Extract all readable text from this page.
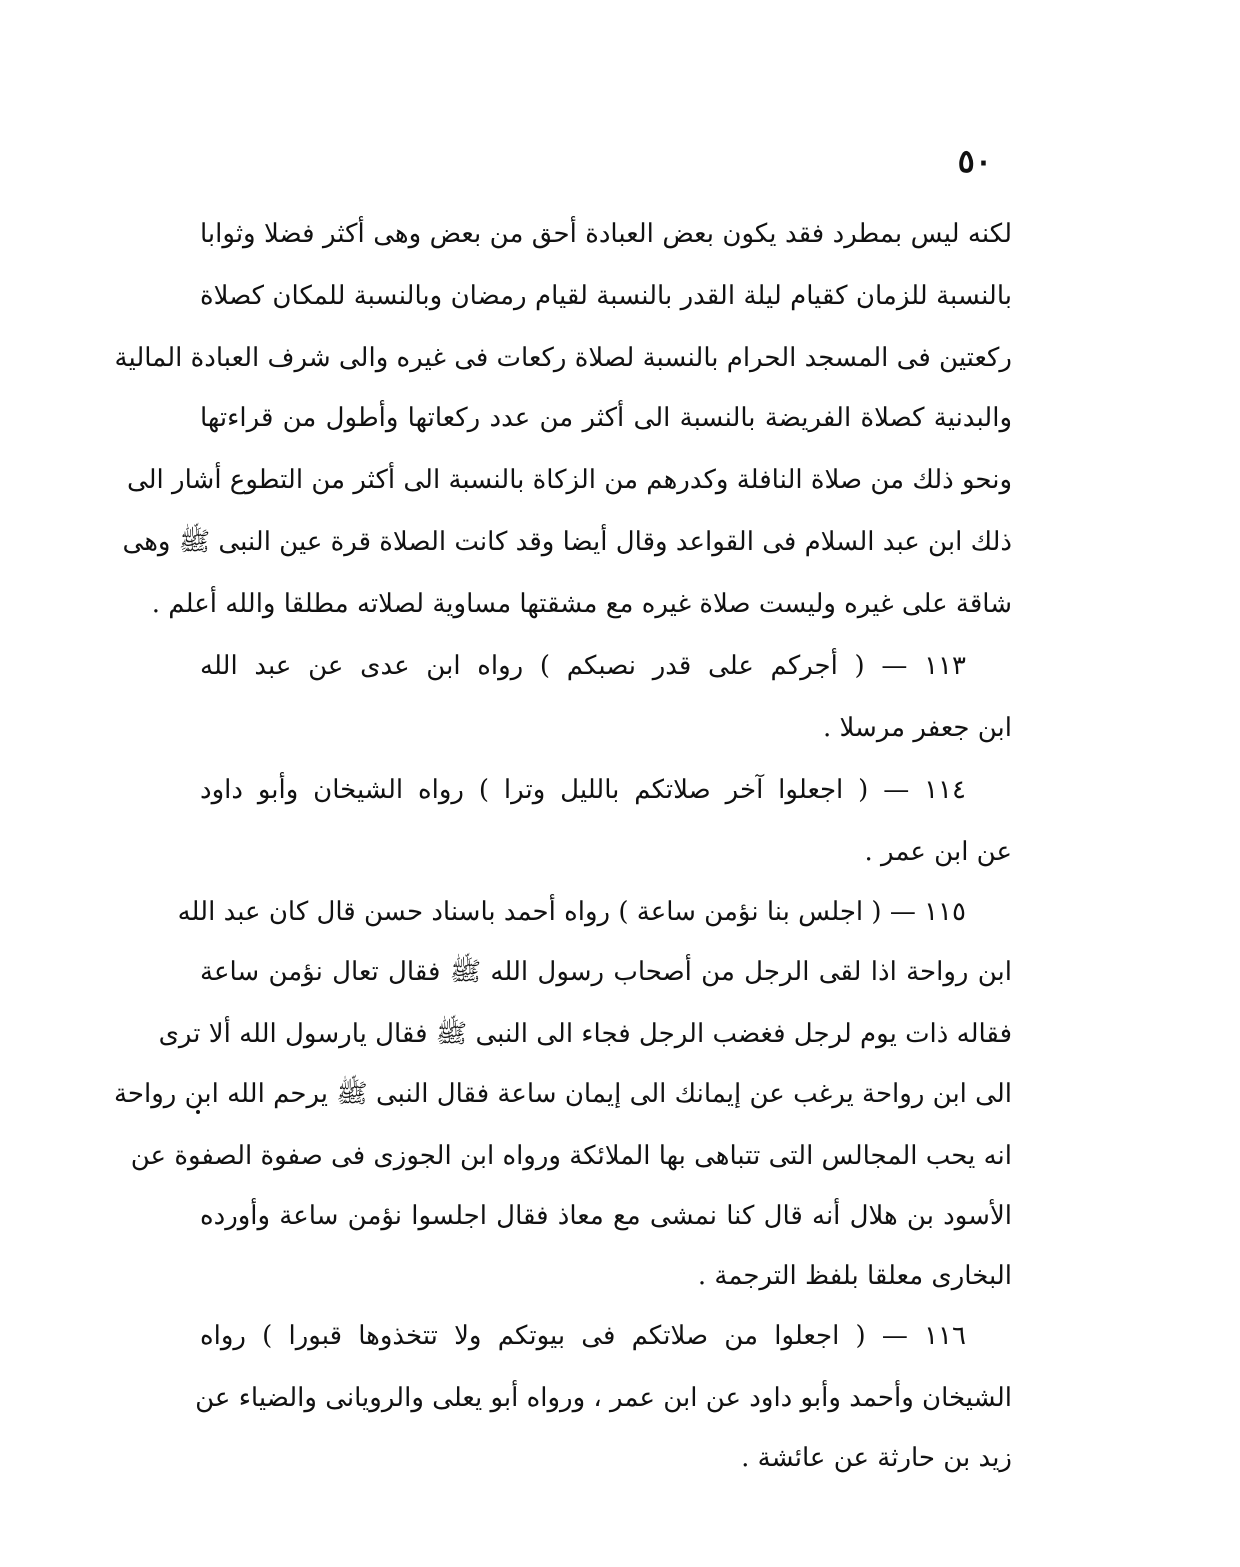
٥٠
لكنه ليس بمطرد فقد يكون بعض العبادة أحق من بعض وهى أكثر فضلا وثوابا
بالنسبة للزمان كقيام ليلة القدر بالنسبة لقيام رمضان وبالنسبة للمكان كصلاة
ركعتين فى المسجد الحرام بالنسبة لصلاة ركعات فى غيره والى شرف العبادة المالية
والبدنية كصلاة الفريضة بالنسبة الى أكثر من عدد ركعاتها وأطول من قراءتها
ونحو ذلك من صلاة النافلة وكدرهم من الزكاة بالنسبة الى أكثر من التطوع أشار الى
ذلك ابن عبد السلام فى القواعد وقال أيضا وقد كانت الصلاة قرة عين النبى ﷺ وهى
شاقة على غيره وليست صلاة غيره مع مشقتها مساوية لصلاته مطلقا والله أعلم .
١١٣ — ( أجركم على قدر نصبكم ) رواه ابن عدى عن عبد الله
ابن جعفر مرسلا .
١١٤ — ( اجعلوا آخر صلاتكم بالليل وترا ) رواه الشيخان وأبو داود
عن ابن عمر .
١١٥ — ( اجلس بنا نؤمن ساعة ) رواه أحمد باسناد حسن قال كان عبد الله
ابن رواحة اذا لقى الرجل من أصحاب رسول الله ﷺ فقال تعال نؤمن ساعة
فقاله ذات يوم لرجل فغضب الرجل فجاء الى النبى ﷺ فقال يارسول الله ألا ترى
الى ابن رواحة يرغب عن إيمانك الى إيمان ساعة فقال النبى ﷺ يرحم الله ابن رواحة
انه يحب المجالس التى تتباهى بها الملائكة ورواه ابن الجوزى فى صفوة الصفوة عن
الأسود بن هلال أنه قال كنا نمشى مع معاذ فقال اجلسوا نؤمن ساعة وأورده
البخارى معلقا بلفظ الترجمة .
١١٦ — ( اجعلوا من صلاتكم فى بيوتكم ولا تتخذوها قبورا ) رواه
الشيخان وأحمد وأبو داود عن ابن عمر ، ورواه أبو يعلى والرويانى والضياء عن
زيد بن حارثة عن عائشة .
